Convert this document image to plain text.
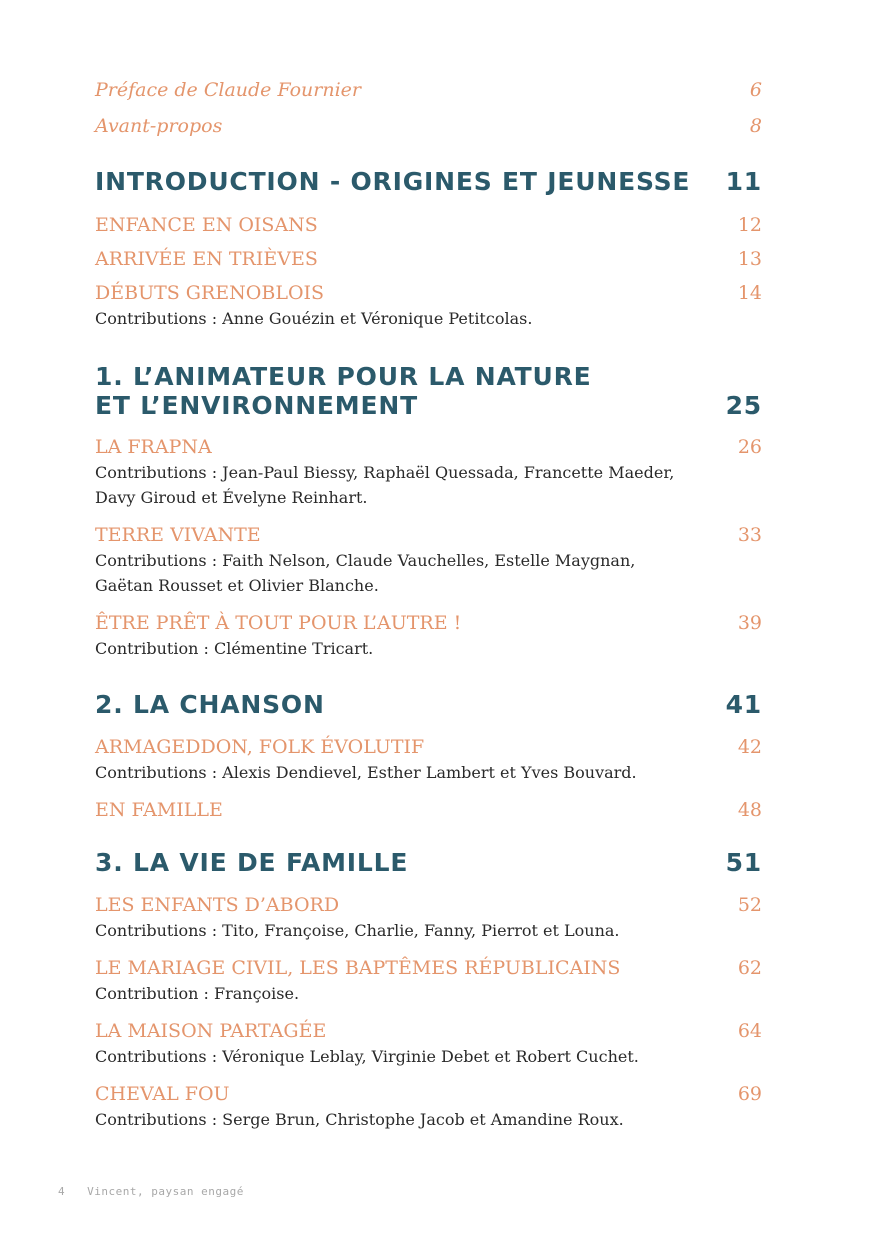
Préface de Claude Fournier	6
Avant-propos	8
INTRODUCTION - ORIGINES ET JEUNESSE 11
ENFANCE EN OISANS	12
ARRIVÉE EN TRIÈVES	13
DÉBUTS GRENOBLOIS	14
Contributions : Anne Gouézin et Véronique Petitcolas.
1. L’ANIMATEUR POUR LA NATURE
ET L’ENVIRONNEMENT	25
LA FRAPNA	26
Contributions : Jean-Paul Biessy, Raphaël Quessada, Francette Maeder,
Davy Giroud et Évelyne Reinhart.
TERRE VIVANTE	33
Contributions : Faith Nelson, Claude Vauchelles, Estelle Maygnan,
Gaëtan Rousset et Olivier Blanche.
ÊTRE PRÊT À TOUT POUR L’AUTRE !	39
Contribution : Clémentine Tricart.
2. LA CHANSON	41
ARMAGEDDON, FOLK ÉVOLUTIF	42
Contributions : Alexis Dendievel, Esther Lambert et Yves Bouvard.
EN FAMILLE	48
3. LA VIE DE FAMILLE	51
LES ENFANTS D’ABORD	52
Contributions : Tito, Françoise, Charlie, Fanny, Pierrot et Louna.
LE MARIAGE CIVIL, LES BAPTÊMES RÉPUBLICAINS	62
Contribution : Françoise.
LA MAISON PARTAGÉE	64
Contributions : Véronique Leblay, Virginie Debet et Robert Cuchet.
CHEVAL FOU	69
Contributions : Serge Brun, Christophe Jacob et Amandine Roux.
4 Vincent, paysan engagé
